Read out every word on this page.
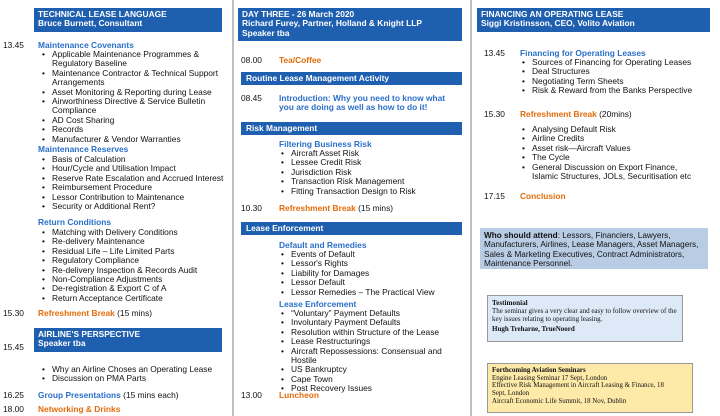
TECHNICAL LEASE LANGUAGE
Bruce Burnett, Consultant
13.45 Maintenance Covenants
• Applicable Maintenance Programmes &
Regulatory Baseline
• Maintenance Contractor & Technical Support
Arrangements
• Asset Monitoring & Reporting during Lease
• Airworthiness Directive & Service Bulletin
Compliance
• AD Cost Sharing
• Records
• Manufacturer & Vendor Warranties
Maintenance Reserves
• Basis of Calculation
• Hour/Cycle and Utilisation Impact
• Reserve Rate Escalation and Accrued Interest
• Reimbursement Procedure
• Lessor Contribution to Maintenance
• Security or Additional Rent?
Return Conditions
• Matching with Delivery Conditions
• Re-delivery Maintenance
• Residual Life – Life Limited Parts
• Regulatory Compliance
• Re-delivery Inspection & Records Audit
• Non-Compliance Adjustments
• De-registration & Export C of A
• Return Acceptance Certificate
15.30 Refreshment Break (15 mins)
AIRLINE'S PERSPECTIVE
Speaker tba
15.45
• Why an Airline Choses an Operating Lease
• Discussion on PMA Parts
16.25 Group Presentations (15 mins each)
18.00 Networking & Drinks
DAY THREE - 26 March 2020
Richard Furey, Partner, Holland & Knight LLP
Speaker tba
08.00 Tea/Coffee
Routine Lease Management Activity
08.45 Introduction: Why you need to know what
you are doing as well as how to do it!
Risk Management
Filtering Business Risk
• Aircraft Asset Risk
• Lessee Credit Risk
• Jurisdiction Risk
• Transaction Risk Management
• Fitting Transaction Design to Risk
10.30 Refreshment Break (15 mins)
Lease Enforcement
Default and Remedies
• Events of Default
• Lessor's Rights
• Liability for Damages
• Lessor Default
• Lessor Remedies – The Practical View
Lease Enforcement
• “Voluntary” Payment Defaults
• Involuntary Payment Defaults
• Resolution within Structure of the Lease
• Lease Restructurings
• Aircraft Repossessions: Consensual and
Hostile
• US Bankruptcy
• Cape Town
• Post Recovery Issues
13.00 Luncheon
FINANCING AN OPERATING LEASE
Siggi Kristinsson, CEO, Volito Aviation
13.45 Financing for Operating Leases
• Sources of Financing for Operating Leases
• Deal Structures
• Negotiating Term Sheets
• Risk & Reward from the Banks Perspective
15.30 Refreshment Break (20mins)
• Analysing Default Risk
• Airline Credits
• Asset risk—Aircraft Values
• The Cycle
• General Discussion on Export Finance,
Islamic Structures, JOLs, Securitisation etc
17.15 Conclusion
Who should attend: Lessors, Financiers, Lawyers, Manufacturers, Airlines, Lease Managers, Asset Managers, Sales & Marketing Executives, Contract Administrators, Maintenance Personnel.
Testimonial
The seminar gives a very clear and easy to follow overview of the key issues relating to operating leasing.
Hugh Treharne, TrueNoord
Forthcoming Aviation Seminars
Engine Leasing Seminar 17 Sept, London
Effective Risk Management in Aircraft Leasing & Finance, 18
Sept, London
Aircraft Economic Life Summit, 18 Nov, Dublin
